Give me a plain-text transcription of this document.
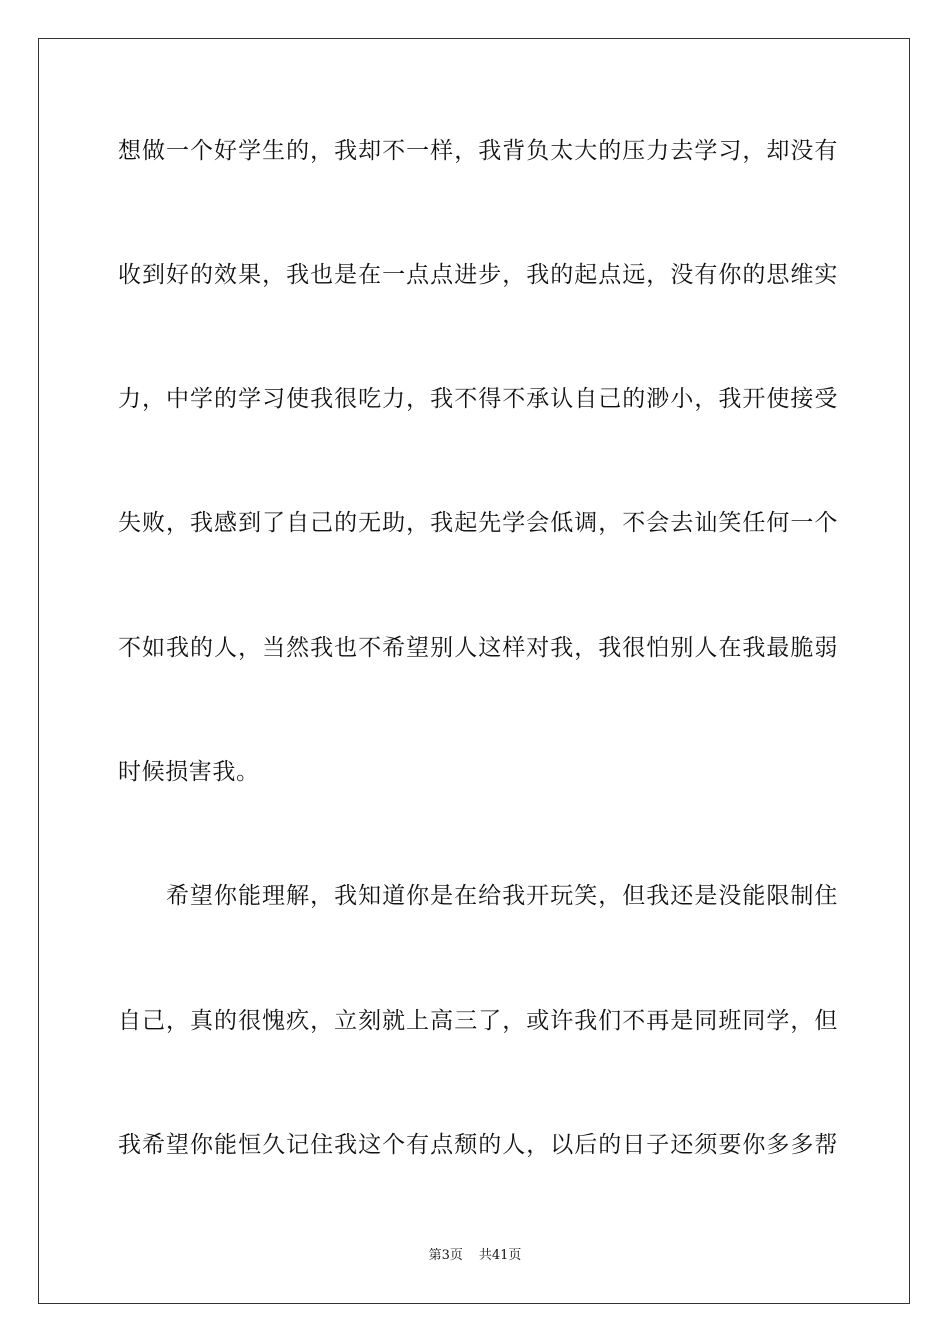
想做一个好学生的，我却不一样，我背负太大的压力去学习，却没有
收到好的效果，我也是在一点点进步，我的起点远，没有你的思维实
力，中学的学习使我很吃力，我不得不承认自己的渺小，我开使接受
失败，我感到了自己的无助，我起先学会低调，不会去讪笑任何一个
不如我的人，当然我也不希望别人这样对我，我很怕别人在我最脆弱
时候损害我。
希望你能理解，我知道你是在给我开玩笑，但我还是没能限制住
自己，真的很愧疚，立刻就上高三了，或许我们不再是同班同学，但
我希望你能恒久记住我这个有点颓的人，以后的日子还须要你多多帮
第3页 共41页
